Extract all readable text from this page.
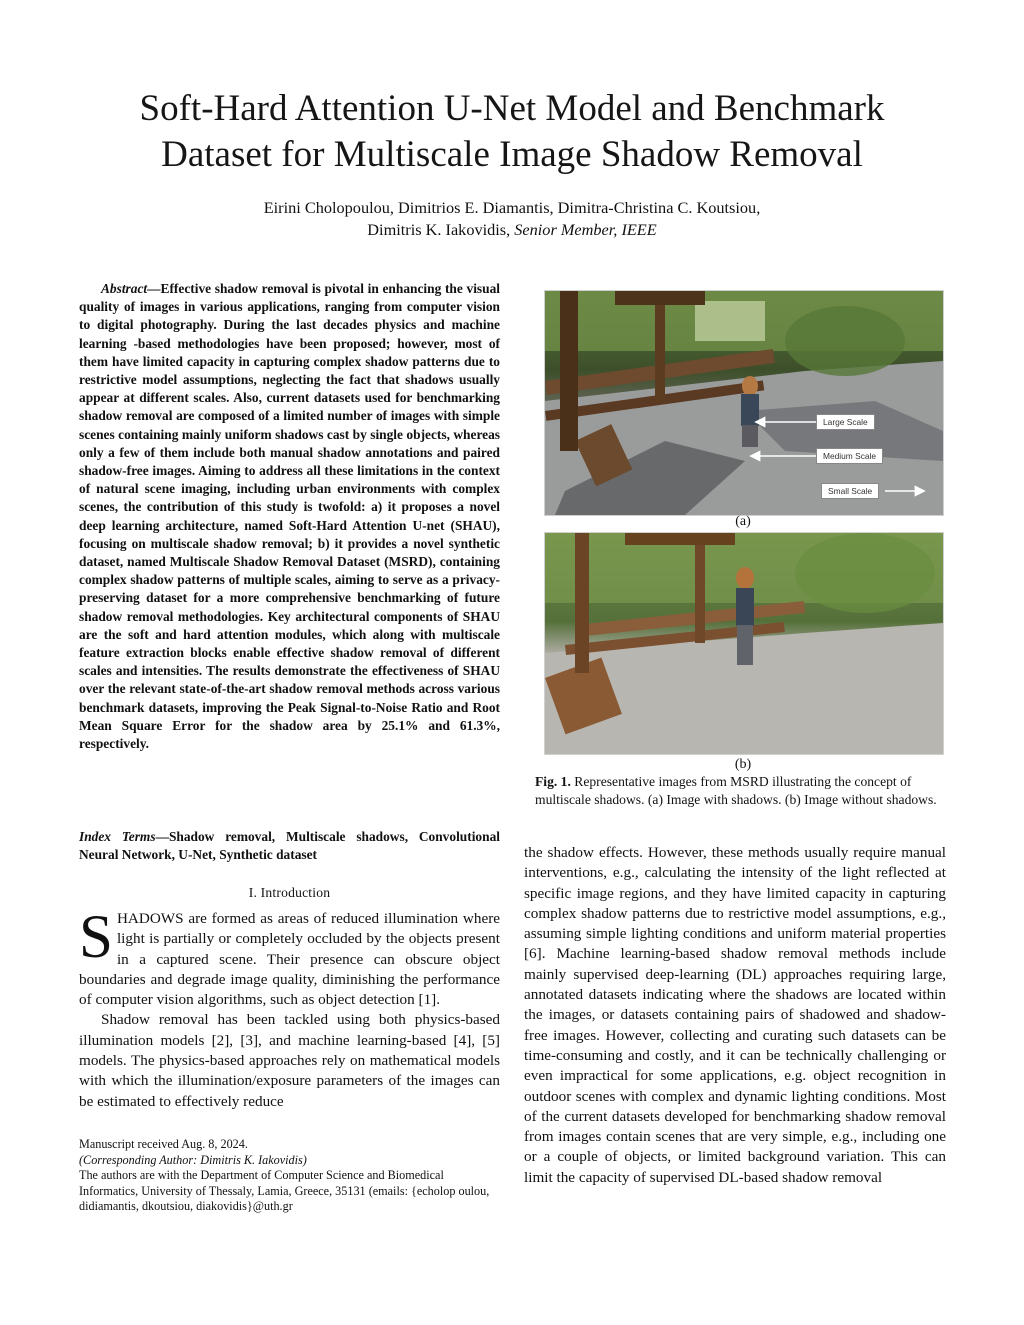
Soft-Hard Attention U-Net Model and Benchmark
Dataset for Multiscale Image Shadow Removal
Eirini Cholopoulou, Dimitrios E. Diamantis, Dimitra-Christina C. Koutsiou,
Dimitris K. Iakovidis, Senior Member, IEEE
Abstract—Effective shadow removal is pivotal in enhancing the visual quality of images in various applications, ranging from computer vision to digital photography. During the last decades physics and machine learning -based methodologies have been proposed; however, most of them have limited capacity in capturing complex shadow patterns due to restrictive model assumptions, neglecting the fact that shadows usually appear at different scales. Also, current datasets used for benchmarking shadow removal are composed of a limited number of images with simple scenes containing mainly uniform shadows cast by single objects, whereas only a few of them include both manual shadow annotations and paired shadow-free images. Aiming to address all these limitations in the context of natural scene imaging, including urban environments with complex scenes, the contribution of this study is twofold: a) it proposes a novel deep learning architecture, named Soft-Hard Attention U-net (SHAU), focusing on multiscale shadow removal; b) it provides a novel synthetic dataset, named Multiscale Shadow Removal Dataset (MSRD), containing complex shadow patterns of multiple scales, aiming to serve as a privacy-preserving dataset for a more comprehensive benchmarking of future shadow removal methodologies. Key architectural components of SHAU are the soft and hard attention modules, which along with multiscale feature extraction blocks enable effective shadow removal of different scales and intensities. The results demonstrate the effectiveness of SHAU over the relevant state-of-the-art shadow removal methods across various benchmark datasets, improving the Peak Signal-to-Noise Ratio and Root Mean Square Error for the shadow area by 25.1% and 61.3%, respectively.
Index Terms—Shadow removal, Multiscale shadows, Convolutional Neural Network, U-Net, Synthetic dataset
I. Introduction

SHADOWS are formed as areas of reduced illumination where light is partially or completely occluded by the objects present in a captured scene. Their presence can obscure object boundaries and degrade image quality, diminishing the performance of computer vision algorithms, such as object detection [1].

Shadow removal has been tackled using both physics-based illumination models [2], [3], and machine learning-based [4], [5] models. The physics-based approaches rely on mathematical models with which the illumination/exposure parameters of the images can be estimated to effectively reduce

Manuscript received Aug. 8, 2024.
(Corresponding Author: Dimitris K. Iakovidis)
The authors are with the Department of Computer Science and Biomedical Informatics, University of Thessaly, Lamia, Greece, 35131 (emails: {echolop oulou, didiamantis, dkoutsiou, diakovidis}@uth.gr
Large Scale
Medium Scale
Small Scale
(a)
(b)
Fig. 1. Representative images from MSRD illustrating the concept of multiscale shadows. (a) Image with shadows. (b) Image without shadows.
the shadow effects. However, these methods usually require manual interventions, e.g., calculating the intensity of the light reflected at specific image regions, and they have limited capacity in capturing complex shadow patterns due to restrictive model assumptions, e.g., assuming simple lighting conditions and uniform material properties [6]. Machine learning-based shadow removal methods include mainly supervised deep-learning (DL) approaches requiring large, annotated datasets indicating where the shadows are located within the images, or datasets containing pairs of shadowed and shadow-free images. However, collecting and curating such datasets can be time-consuming and costly, and it can be technically challenging or even impractical for some applications, e.g. object recognition in outdoor scenes with complex and dynamic lighting conditions. Most of the current datasets developed for benchmarking shadow removal from images contain scenes that are very simple, e.g., including one or a couple of objects, or limited background variation. This can limit the capacity of supervised DL-based shadow removal
